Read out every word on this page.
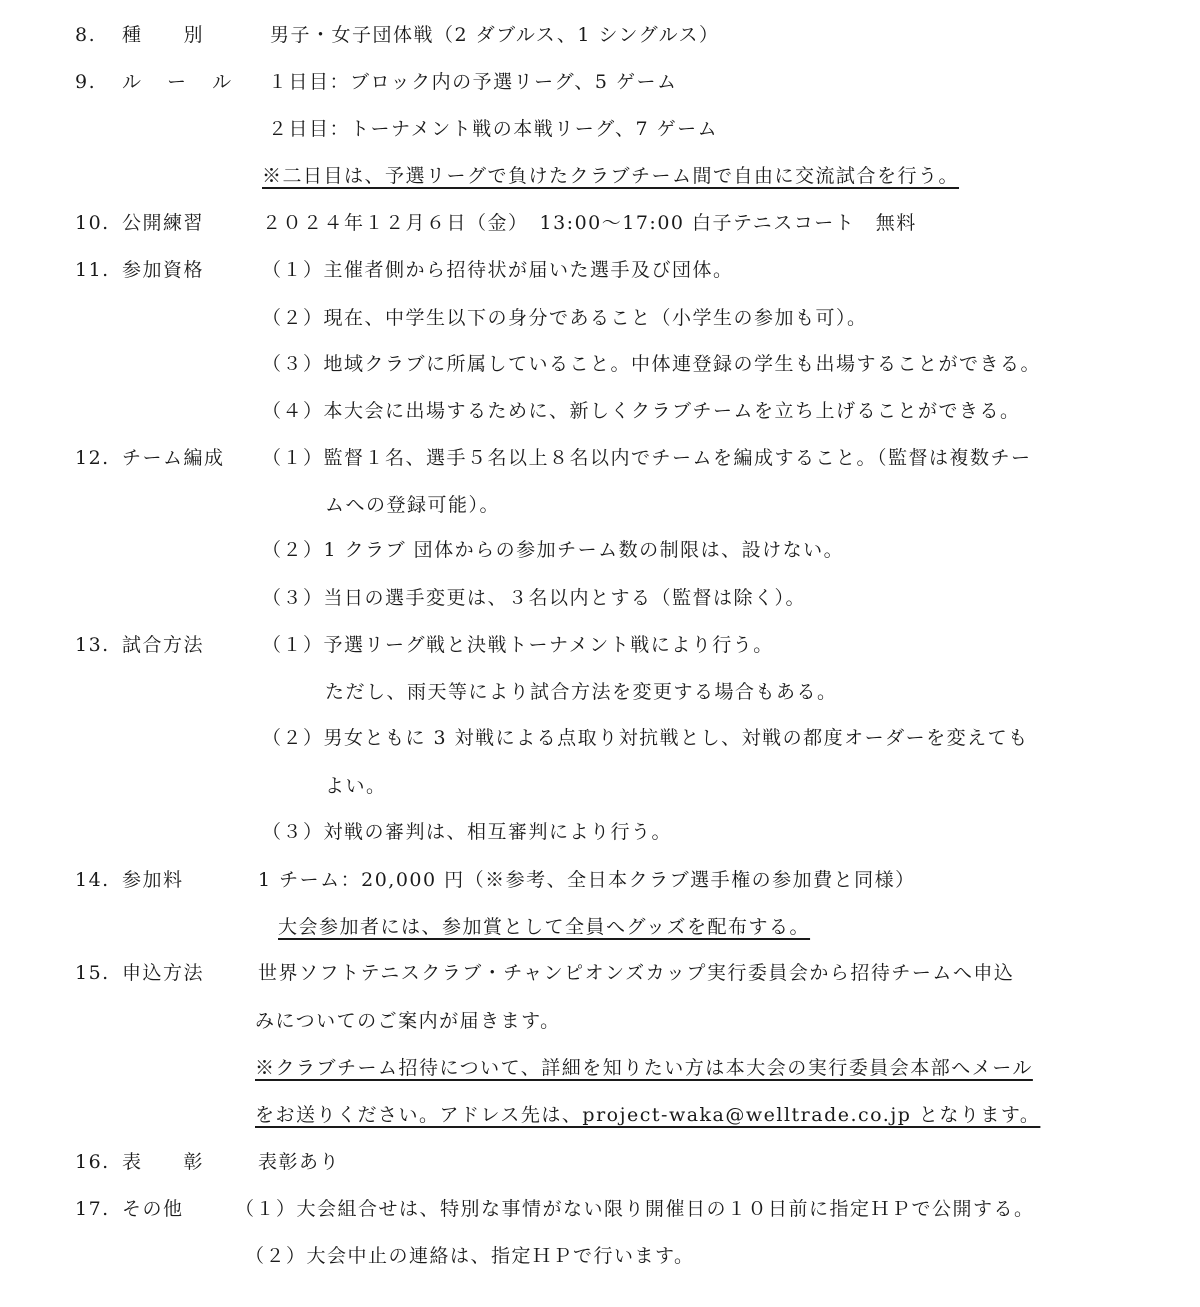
8. 種　　別	男子・女子団体戦（2 ダブルス、1 シングルス）
9. ル ー ル １日目：ブロック内の予選リーグ、5 ゲーム
２日目：トーナメント戦の本戦リーグ、7 ゲーム
※二日目は、予選リーグで負けたクラブチーム間で自由に交流試合を行う。
10. 公開練習	２０２４年１２月６日（金）　13:00〜17:00 白子テニスコート　無料
11. 参加資格	（１）主催者側から招待状が届いた選手及び団体。
（２）現在、中学生以下の身分であること（小学生の参加も可）。
（３）地域クラブに所属していること。中体連登録の学生も出場することができる。
（４）本大会に出場するために、新しくクラブチームを立ち上げることができる。
12. チーム編成 （１）監督１名、選手５名以上８名以内でチームを編成すること。（監督は複数チー
ムへの登録可能）。
（２）1 クラブ 団体からの参加チーム数の制限は、設けない。
（３）当日の選手変更は、３名以内とする（監督は除く）。
13. 試合方法	（１）予選リーグ戦と決戦トーナメント戦により行う。
ただし、雨天等により試合方法を変更する場合もある。
（２）男女ともに 3 対戦による点取り対抗戦とし、対戦の都度オーダーを変えても
よい。
（３）対戦の審判は、相互審判により行う。
14. 参加料	1 チーム：20,000 円（※参考、全日本クラブ選手権の参加費と同様）
大会参加者には、参加賞として全員へグッズを配布する。
15. 申込方法	世界ソフトテニスクラブ・チャンピオンズカップ実行委員会から招待チームへ申込
みについてのご案内が届きます。
※クラブチーム招待について、詳細を知りたい方は本大会の実行委員会本部へメール
をお送りください。アドレス先は、project-waka@welltrade.co.jp となります。
16. 表　　彰	表彰あり
17. その他	（１）大会組合せは、特別な事情がない限り開催日の１０日前に指定ＨＰで公開する。
（２）大会中止の連絡は、指定ＨＰで行います。
